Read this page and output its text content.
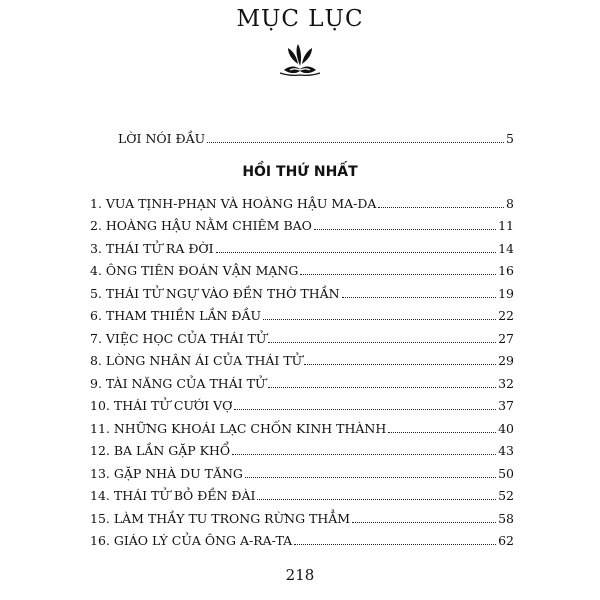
MỤC LỤC
LỜI NÓI ĐẦU	5
HỒI THỨ NHẤT
1. VUA TỊNH-PHẠN VÀ HOÀNG HẬU MA-DA	8
2. HOÀNG HẬU NẰM CHIÊM BAO	11
3. THÁI TỬ RA ĐỜI	14
4. ÔNG TIÊN ĐOÁN VẬN MẠNG	16
5. THÁI TỬ NGỰ VÀO ĐỀN THỜ THẦN	19
6. THAM THIỀN LẦN ĐẦU	22
7. VIỆC HỌC CỦA THÁI TỬ	27
8. LÒNG NHÂN ÁI CỦA THÁI TỬ	29
9. TÀI NĂNG CỦA THÁI TỬ	32
10. THÁI TỬ CƯỚI VỢ	37
11. NHỮNG KHOÁI LẠC CHỐN KINH THÀNH	40
12. BA LẦN GẶP KHỔ	43
13. GẶP NHÀ DU TĂNG	50
14. THÁI TỬ BỎ ĐỀN ĐÀI	52
15. LÀM THẦY TU TRONG RỪNG THẲM	58
16. GIÁO LÝ CỦA ÔNG A-RA-TA	62
218
